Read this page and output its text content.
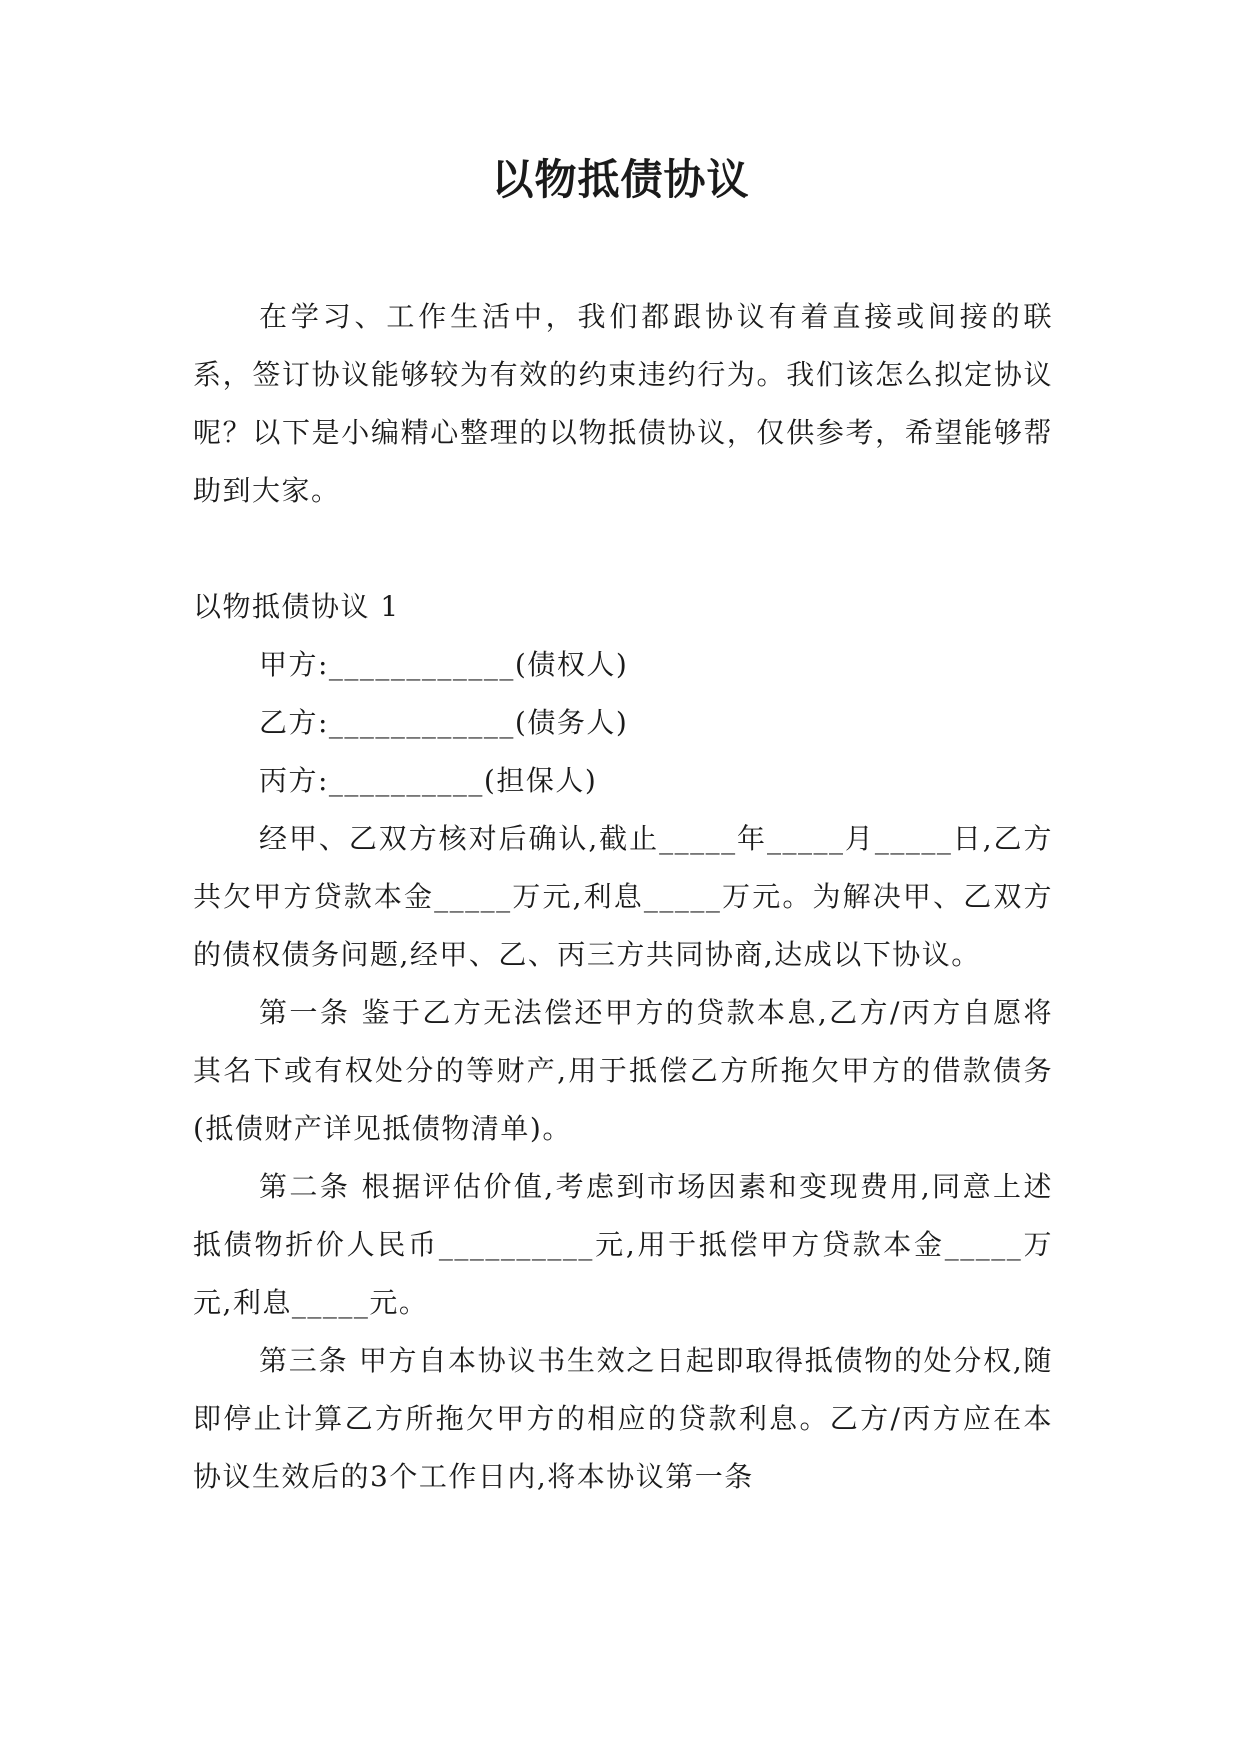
以物抵债协议

在学习、工作生活中，我们都跟协议有着直接或间接的联系，签订协议能够较为有效的约束违约行为。我们该怎么拟定协议呢？以下是小编精心整理的以物抵债协议，仅供参考，希望能够帮助到大家。

以物抵债协议 1

甲方:____________(债权人)

乙方:____________(债务人)

丙方:__________(担保人)

经甲、乙双方核对后确认,截止_____年_____月_____日,乙方共欠甲方贷款本金_____万元,利息_____万元。为解决甲、乙双方的债权债务问题,经甲、乙、丙三方共同协商,达成以下协议。

第一条 鉴于乙方无法偿还甲方的贷款本息,乙方/丙方自愿将其名下或有权处分的等财产,用于抵偿乙方所拖欠甲方的借款债务(抵债财产详见抵债物清单)。

第二条 根据评估价值,考虑到市场因素和变现费用,同意上述抵债物折价人民币__________元,用于抵偿甲方贷款本金_____万元,利息_____元。

第三条 甲方自本协议书生效之日起即取得抵债物的处分权,随即停止计算乙方所拖欠甲方的相应的贷款利息。乙方/丙方应在本协议生效后的3个工作日内,将本协议第一条
